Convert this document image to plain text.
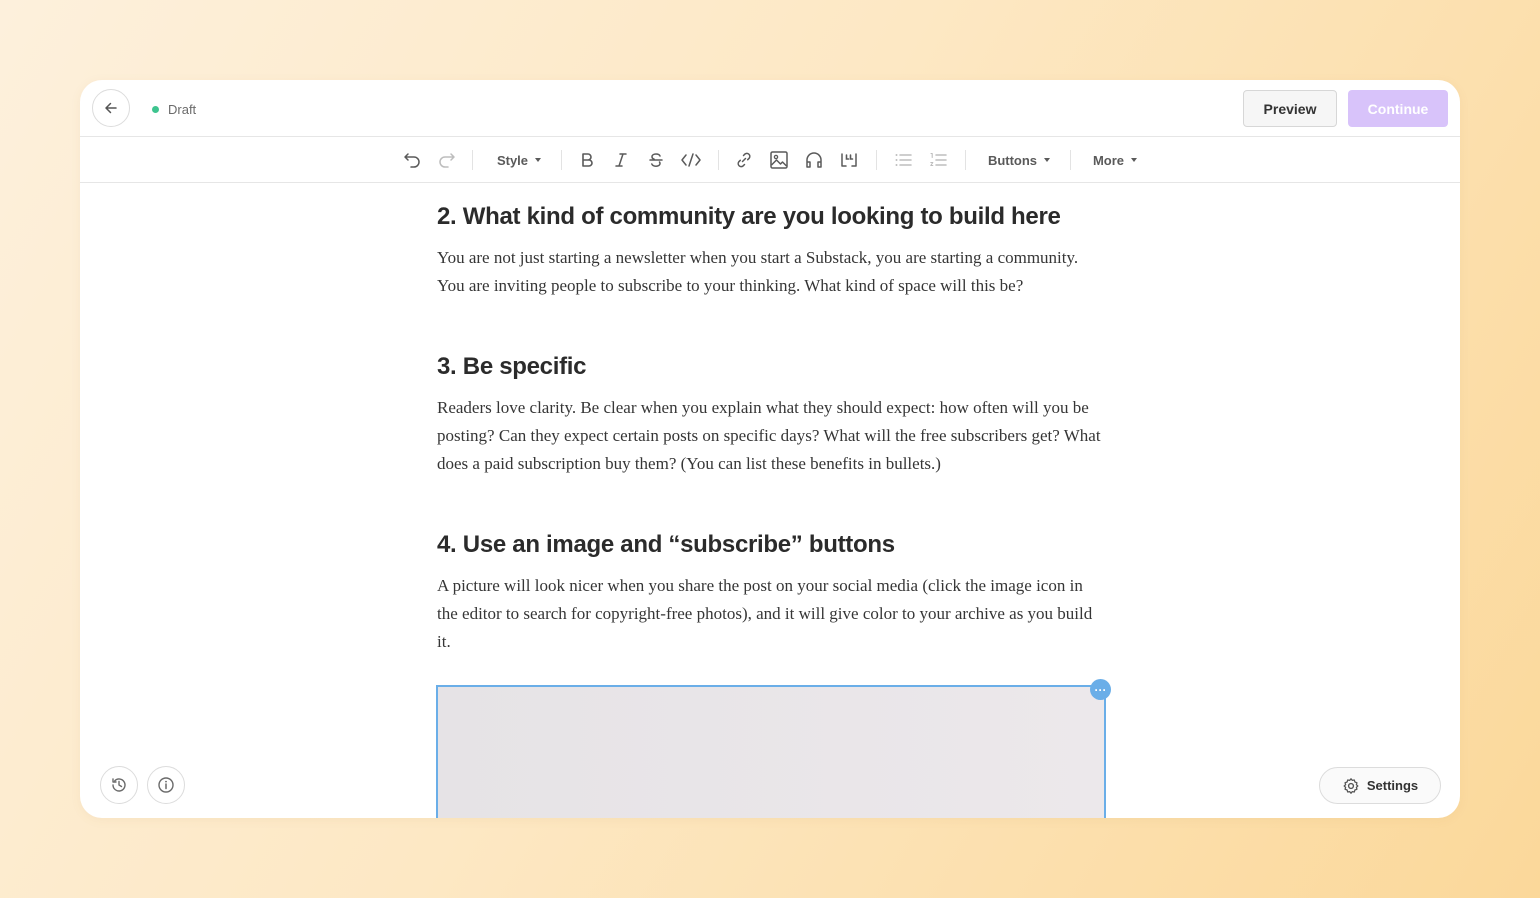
Draft	Preview	Continue
Style	Buttons	More
2. What kind of community are you looking to build here

You are not just starting a newsletter when you start a Substack, you are starting a community. You are inviting people to subscribe to your thinking. What kind of space will this be?

3. Be specific

Readers love clarity. Be clear when you explain what they should expect: how often will you be posting? Can they expect certain posts on specific days? What will the free subscribers get? What does a paid subscription buy them? (You can list these benefits in bullets.)

4. Use an image and “subscribe” buttons

A picture will look nicer when you share the post on your social media (click the image icon in the editor to search for copyright-free photos), and it will give color to your archive as you build it.

···
Settings
